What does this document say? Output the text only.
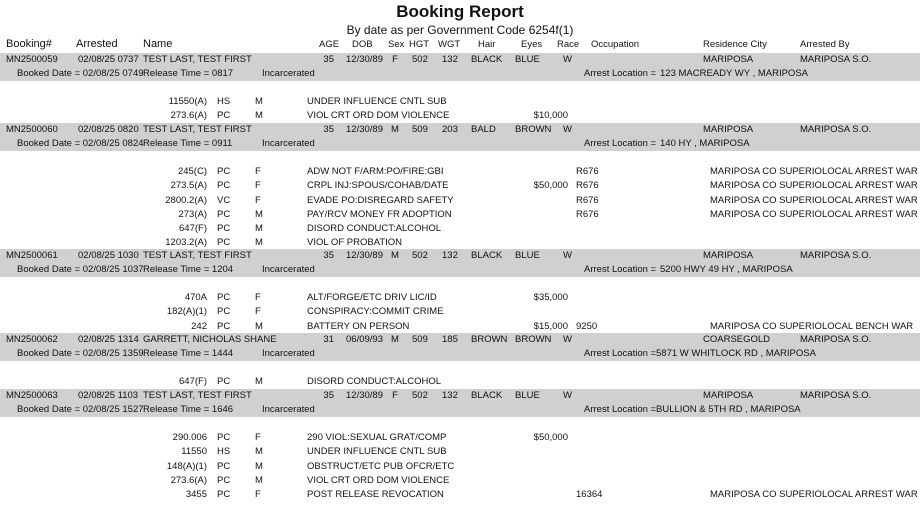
Booking Report
By date as per Government Code 6254f(1)
Booking# Arrested Name	AGE DOB Sex HGT WGT Hair	Eyes Race Occupation	Residence City	Arrested By
MN2500059 02/08/25 0737 TEST LAST, TEST FIRST	35 12/30/89 F	502 132 BLACK BLUE W	MARIPOSA	MARIPOSA S.O.
Booked Date = 02/08/25 0749 Release Time = 0817	Incarcerated	Arrest Location = 123 MACREADY WY , MARIPOSA
11550(A) HS	M	UNDER INFLUENCE CNTL SUB
273.6(A) PC	M	VIOL CRT ORD DOM VIOLENCE	$10,000
MN2500060 02/08/25 0820 TEST LAST, TEST FIRST	35 12/30/89 M	509 203 BALD BROWN W	MARIPOSA	MARIPOSA S.O.
Booked Date = 02/08/25 0824 Release Time = 0911	Incarcerated	Arrest Location = 140 HY , MARIPOSA
245(C) PC	F	ADW NOT F/ARM:PO/FIRE:GBI	R676	MARIPOSA CO SUPERIO LOCAL ARREST WAR
273.5(A) PC	F	CRPL INJ:SPOUS/COHAB/DATE	$50,000 R676	MARIPOSA CO SUPERIO LOCAL ARREST WAR
2800.2(A) VC	F	EVADE PO:DISREGARD SAFETY	R676	MARIPOSA CO SUPERIO LOCAL ARREST WAR
273(A) PC	M	PAY/RCV MONEY FR ADOPTION	R676	MARIPOSA CO SUPERIO LOCAL ARREST WAR
647(F) PC	M	DISORD CONDUCT:ALCOHOL
1203.2(A) PC	M	VIOL OF PROBATION
MN2500061 02/08/25 1030 TEST LAST, TEST FIRST	35 12/30/89 M	502 132 BLACK BLUE W	MARIPOSA	MARIPOSA S.O.
Booked Date = 02/08/25 1037 Release Time = 1204	Incarcerated	Arrest Location = 5200 HWY 49 HY , MARIPOSA
470A PC	F	ALT/FORGE/ETC DRIV LIC/ID	$35,000
182(A)(1) PC	F	CONSPIRACY:COMMIT CRIME
242 PC	M	BATTERY ON PERSON	$15,000 9250	MARIPOSA CO SUPERIO LOCAL BENCH WAR
MN2500062 02/08/25 1314 GARRETT, NICHOLAS SHANE	31 06/09/93 M	509 185 BROWN BROWN W	COARSEGOLD	MARIPOSA S.O.
Booked Date = 02/08/25 1359 Release Time = 1444	Incarcerated	Arrest Location = 5871 W WHITLOCK RD , MARIPOSA
647(F) PC	M	DISORD CONDUCT:ALCOHOL
MN2500063 02/08/25 1103 TEST LAST, TEST FIRST	35 12/30/89 F	502 132 BLACK BLUE W	MARIPOSA	MARIPOSA S.O.
Booked Date = 02/08/25 1527 Release Time = 1646	Incarcerated	Arrest Location = BULLION & 5TH RD , MARIPOSA
290.006 PC	F	290 VIOL:SEXUAL GRAT/COMP	$50,000
11550 HS	M	UNDER INFLUENCE CNTL SUB
148(A)(1) PC	M	OBSTRUCT/ETC PUB OFCR/ETC
273.6(A) PC	M	VIOL CRT ORD DOM VIOLENCE
3455 PC	F	POST RELEASE REVOCATION	16364	MARIPOSA CO SUPERIO LOCAL ARREST WAR
